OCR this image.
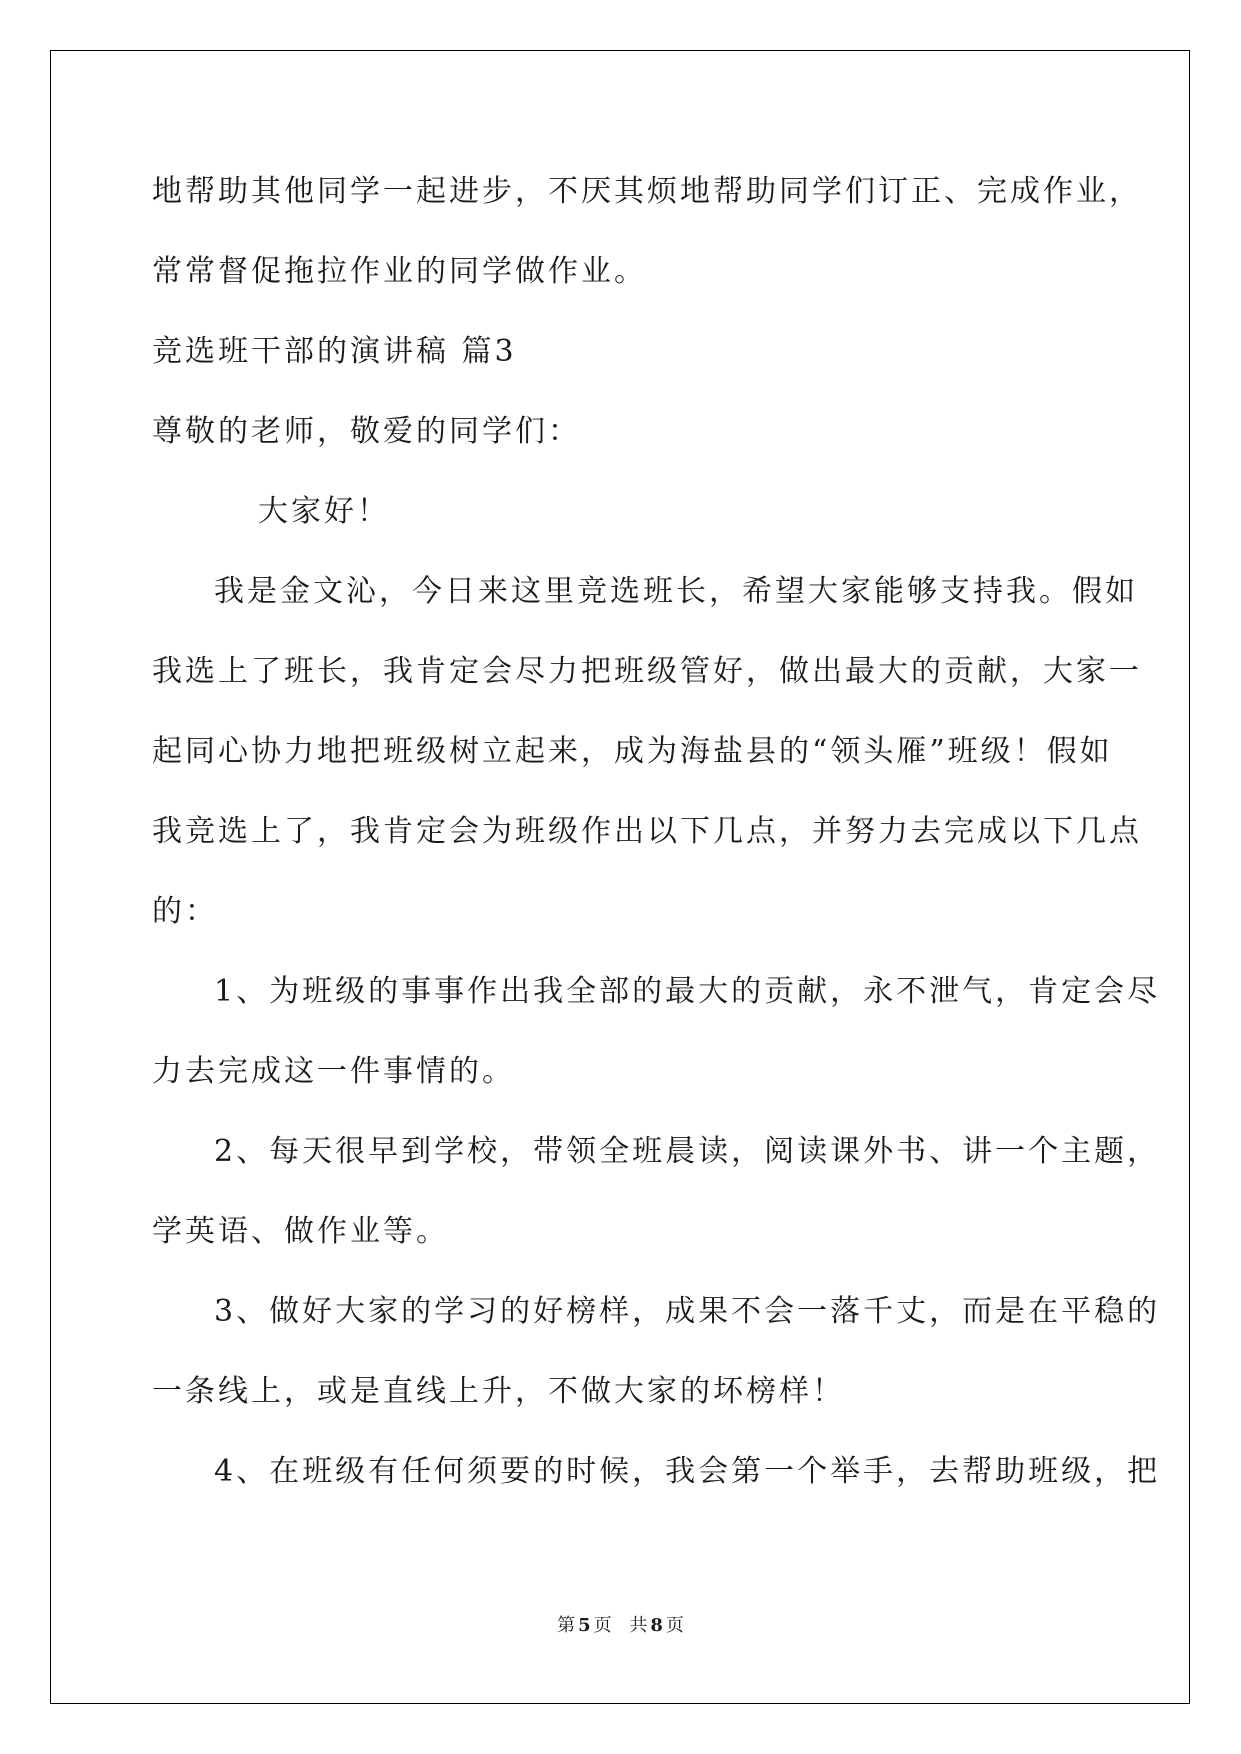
地帮助其他同学一起进步，不厌其烦地帮助同学们订正、完成作业，
常常督促拖拉作业的同学做作业。
竞选班干部的演讲稿 篇3
尊敬的老师，敬爱的同学们：
大家好！
我是金文沁，今日来这里竞选班长，希望大家能够支持我。假如
我选上了班长，我肯定会尽力把班级管好，做出最大的贡献，大家一
起同心协力地把班级树立起来，成为海盐县的“领头雁”班级！假如
我竞选上了，我肯定会为班级作出以下几点，并努力去完成以下几点
的：
1、为班级的事事作出我全部的最大的贡献，永不泄气，肯定会尽
力去完成这一件事情的。
2、每天很早到学校，带领全班晨读，阅读课外书、讲一个主题，
学英语、做作业等。
3、做好大家的学习的好榜样，成果不会一落千丈，而是在平稳的
一条线上，或是直线上升，不做大家的坏榜样！
4、在班级有任何须要的时候，我会第一个举手，去帮助班级，把
第 5 页 共 8 页
